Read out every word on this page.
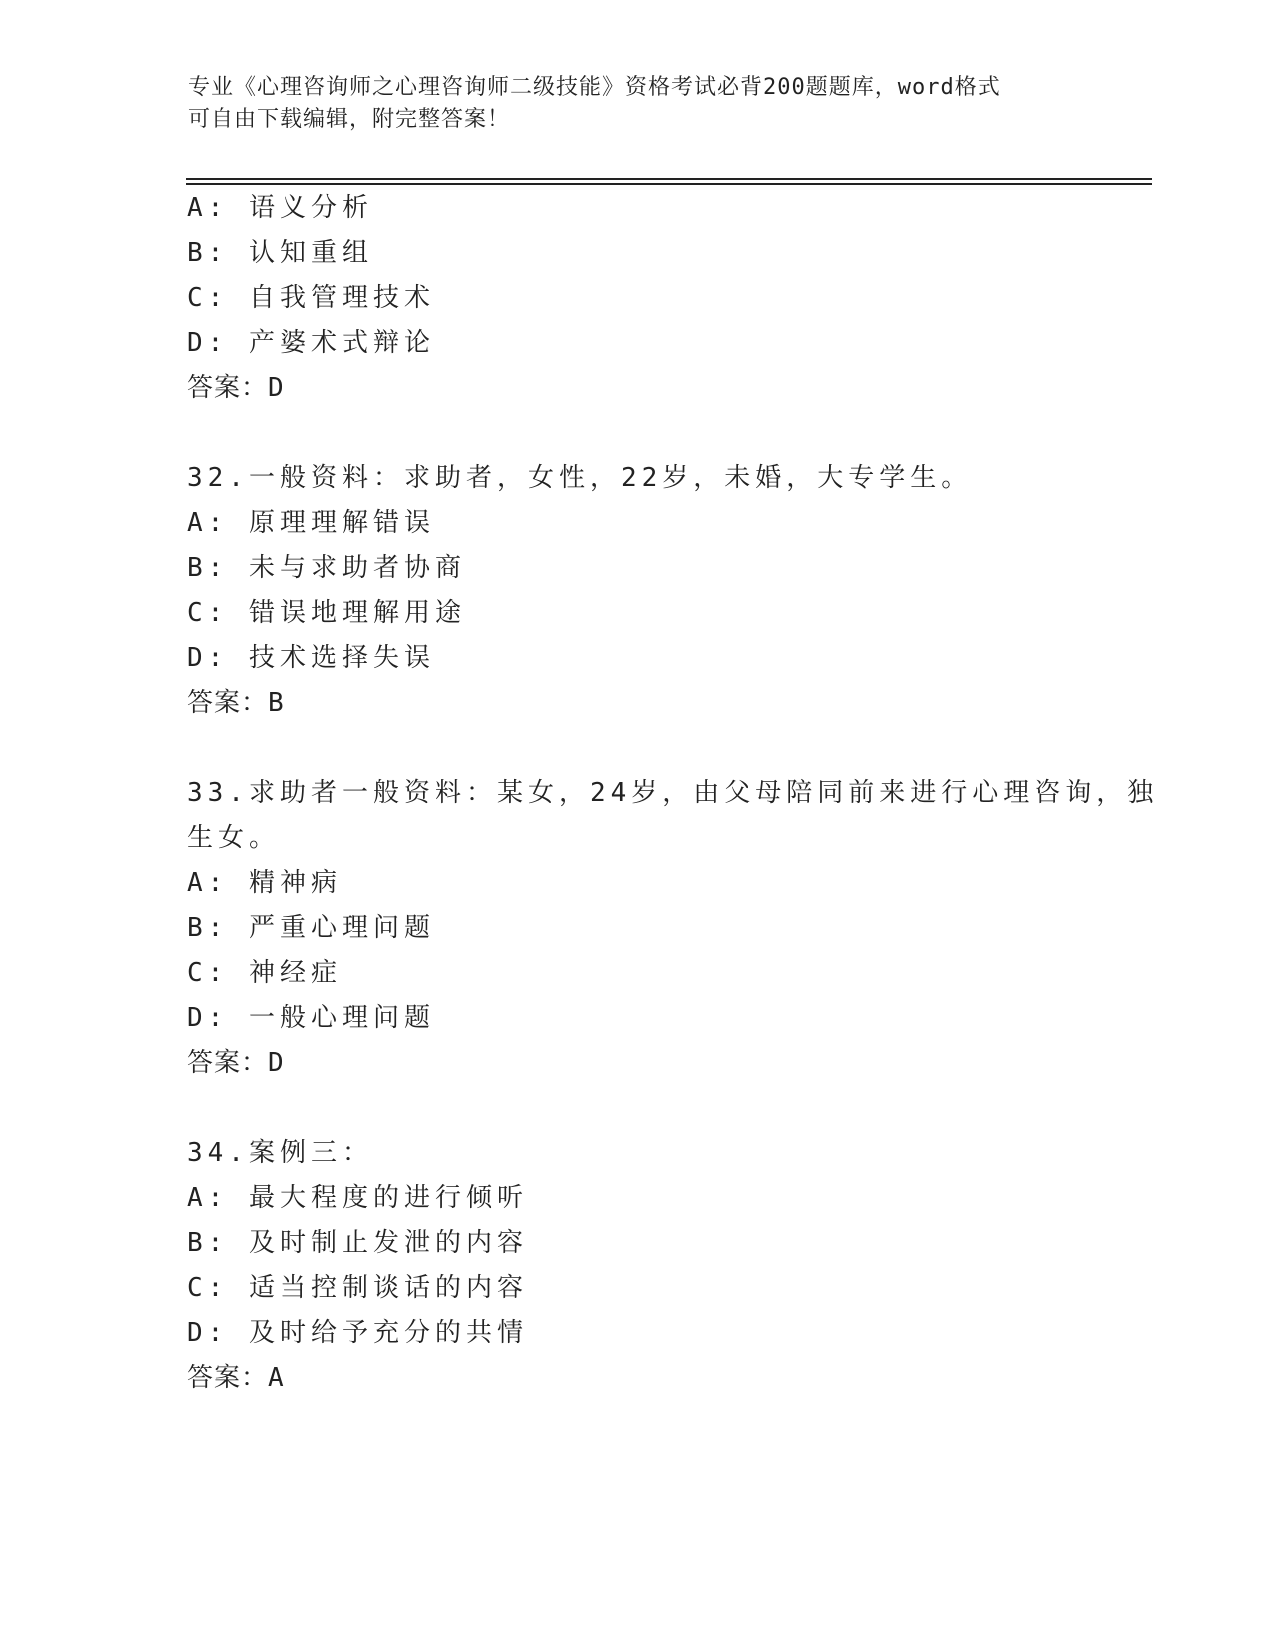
专业《心理咨询师之心理咨询师二级技能》资格考试必背200题题库，word格式
可自由下载编辑，附完整答案！
A: 语义分析
B: 认知重组
C: 自我管理技术
D: 产婆术式辩论
答案：D
32.一般资料：求助者，女性，22岁，未婚，大专学生。
A: 原理理解错误
B: 未与求助者协商
C: 错误地理解用途
D: 技术选择失误
答案：B
33.求助者一般资料：某女，24岁，由父母陪同前来进行心理咨询，独
生女。
A: 精神病
B: 严重心理问题
C: 神经症
D: 一般心理问题
答案：D
34.案例三：
A: 最大程度的进行倾听
B: 及时制止发泄的内容
C: 适当控制谈话的内容
D: 及时给予充分的共情
答案：A
